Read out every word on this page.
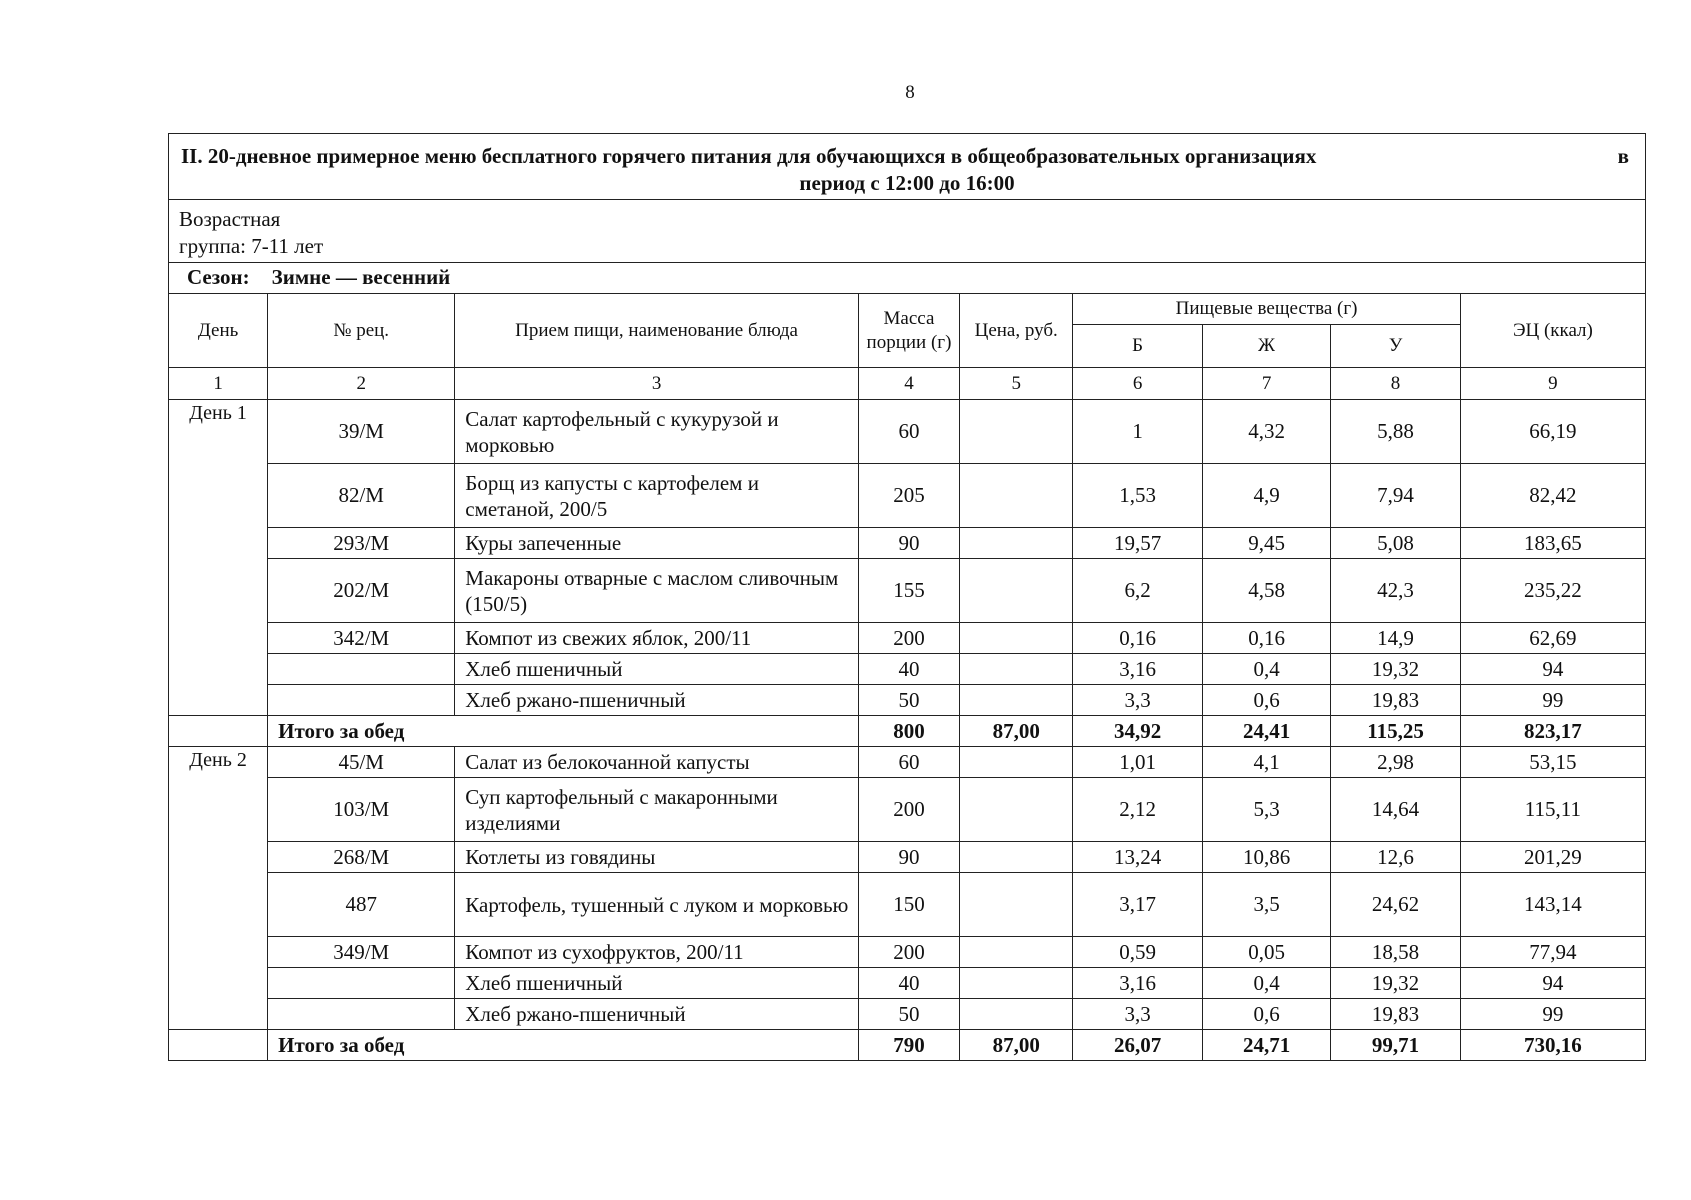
8
II. 20-дневное примерное меню бесплатного горячего питания для обучающихся в общеобразовательных организациях	в
период с 12:00 до 16:00
Возрастная
группа: 7-11 лет
Сезон: Зимне — весенний
День	№ рец.	Прием пищи, наименование блюда	Масса порции (г)	Цена, руб.	Пищевые вещества (г)			ЭЦ (ккал)
					Б	Ж	У	
1	2	3	4	5	6	7	8	9
День 1	39/М	Салат картофельный с кукурузой и морковью	60		1	4,32	5,88	66,19
	82/М	Борщ из капусты с картофелем и сметаной, 200/5	205		1,53	4,9	7,94	82,42
	293/М	Куры запеченные	90		19,57	9,45	5,08	183,65
	202/М	Макароны отварные с маслом сливочным (150/5)	155		6,2	4,58	42,3	235,22
	342/М	Компот из свежих яблок, 200/11	200		0,16	0,16	14,9	62,69
		Хлеб пшеничный	40		3,16	0,4	19,32	94
		Хлеб ржано-пшеничный	50		3,3	0,6	19,83	99
	Итого за обед		800	87,00	34,92	24,41	115,25	823,17
День 2	45/М	Салат из белокочанной капусты	60		1,01	4,1	2,98	53,15
	103/М	Суп картофельный с макаронными изделиями	200		2,12	5,3	14,64	115,11
	268/М	Котлеты из говядины	90		13,24	10,86	12,6	201,29
	487	Картофель, тушенный с луком и морковью	150		3,17	3,5	24,62	143,14
	349/М	Компот из сухофруктов, 200/11	200		0,59	0,05	18,58	77,94
		Хлеб пшеничный	40		3,16	0,4	19,32	94
		Хлеб ржано-пшеничный	50		3,3	0,6	19,83	99
	Итого за обед		790	87,00	26,07	24,71	99,71	730,16
